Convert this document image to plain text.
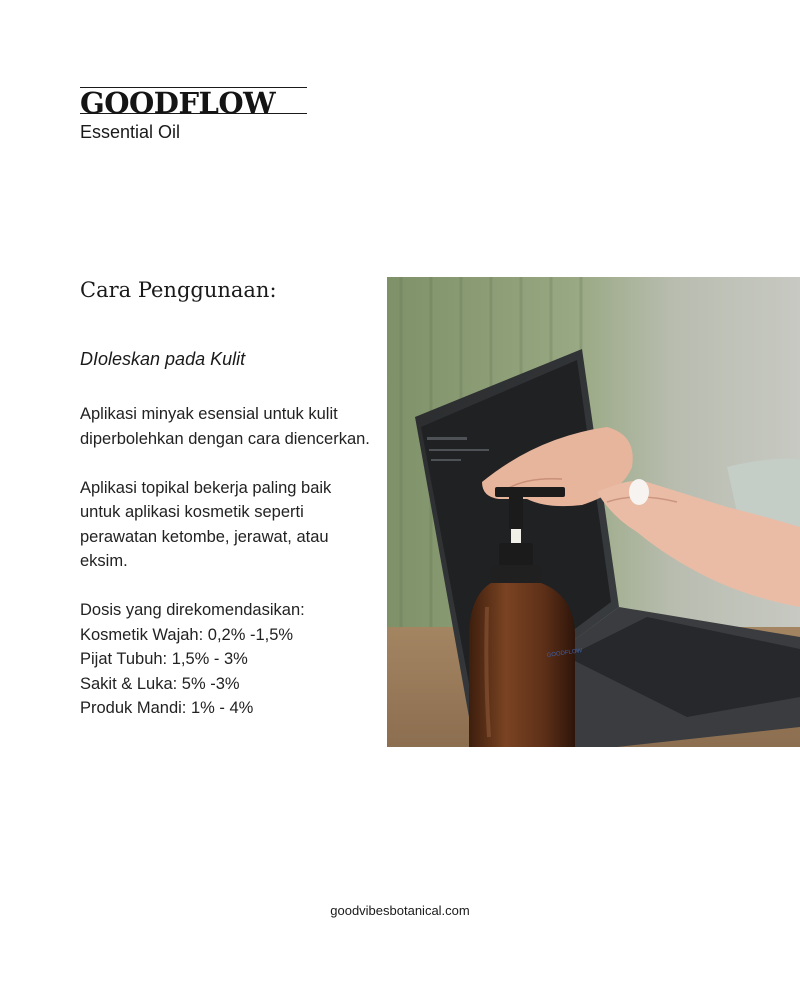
GOODFLOW
Essential Oil
Cara Penggunaan:
DIoleskan pada Kulit

Aplikasi minyak esensial untuk kulit diperbolehkan dengan cara diencerkan.

Aplikasi topikal bekerja paling baik untuk aplikasi kosmetik seperti perawatan ketombe, jerawat, atau eksim.

Dosis yang direkomendasikan:
Kosmetik Wajah: 0,2% -1,5%
Pijat Tubuh: 1,5% - 3%
Sakit & Luka: 5% -3%
Produk Mandi: 1% - 4%
GOODFLOW
goodvibesbotanical.com
